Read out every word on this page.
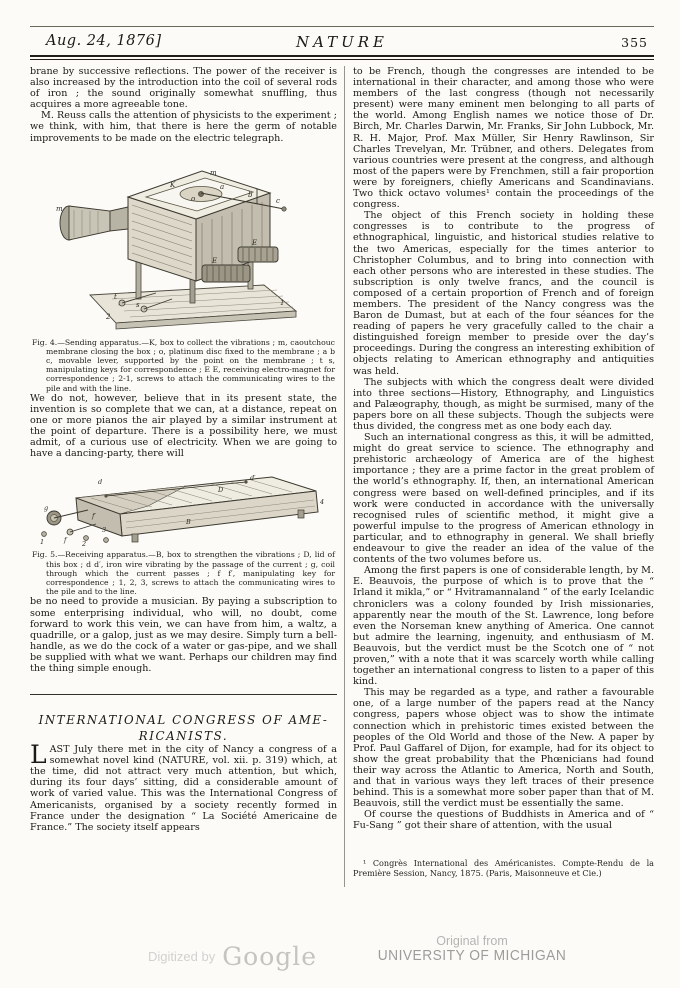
Aug. 24, 1876]	NATURE	355

brane by successive reflections. The power of the receiver is also increased by the introduction into the coil of several rods of iron ; the sound originally somewhat snuffling, thus acquires a more agreeable tone.

M. Reuss calls the attention of physicists to the experiment ; we think, with him, that there is here the germ of notable improvements to be made on the electric telegraph.

K
m
o
a
b
c
E
E
t
s
2
1
m

Fig. 4.—Sending apparatus.—K, box to collect the vibrations ; m, caoutchouc membrane closing the box ; o, platinum disc fixed to the membrane ; a b c, movable lever, supported by the point on the membrane ; t s, manipulating keys for correspondence ; E E, receiving electro-magnet for correspondence ; 2-1, screws to attach the communicating wires to the pile and with the line.

We do not, however, believe that in its present state, the invention is so complete that we can, at a distance, repeat on one or more pianos the air played by a similar instrument at the point of departure. There is a possibility here, we must admit, of a curious use of electricity. When we are going to have a dancing-party, there will

D
B
d	d′
g
f
f′
1	2
3
4

Fig. 5.—Receiving apparatus.—B, box to strengthen the vibrations ; D, lid of this box ; d d′, iron wire vibrating by the passage of the current ; g, coil through which the current passes ; f f′, manipulating key for correspondence ; 1, 2, 3, screws to attach the communicating wires to the pile and to the line.

be no need to provide a musician. By paying a subscription to some enterprising individual, who will, no doubt, come forward to work this vein, we can have from him, a waltz, a quadrille, or a galop, just as we may desire. Simply turn a bell-handle, as we do the cock of a water or gas-pipe, and we shall be supplied with what we want. Perhaps our children may find the thing simple enough.

INTERNATIONAL CONGRESS OF AME-
RICANISTS.

LAST July there met in the city of Nancy a congress of a somewhat novel kind (NATURE, vol. xii. p. 319) which, at the time, did not attract very much attention, but which, during its four days’ sitting, did a considerable amount of work of varied value. This was the International Congress of Americanists, organised by a society recently formed in France under the designation “ La Société Americaine de France.” The society itself appears

to be French, though the congresses are intended to be international in their character, and among those who were members of the last congress (though not necessarily present) were many eminent men belonging to all parts of the world. Among English names we notice those of Dr. Birch, Mr. Charles Darwin, Mr. Franks, Sir John Lubbock, Mr. R. H. Major, Prof. Max Müller, Sir Henry Rawlinson, Sir Charles Trevelyan, Mr. Trübner, and others. Delegates from various countries were present at the congress, and although most of the papers were by Frenchmen, still a fair proportion were by foreigners, chiefly Americans and Scandinavians. Two thick octavo volumes¹ contain the proceedings of the congress.

The object of this French society in holding these congresses is to contribute to the progress of ethnographical, linguistic, and historical studies relative to the two Americas, especially for the times anterior to Christopher Columbus, and to bring into connection with each other persons who are interested in these studies. The subscription is only twelve francs, and the council is composed of a certain proportion of French and of foreign members. The president of the Nancy congress was the Baron de Dumast, but at each of the four séances for the reading of papers he very gracefully called to the chair a distinguished foreign member to preside over the day’s proceedings. During the congress an interesting exhibition of objects relating to American ethnography and antiquities was held.

The subjects with which the congress dealt were divided into three sections—History, Ethnography, and Linguistics and Palæography, though, as might be surmised, many of the papers bore on all these subjects. Though the subjects were thus divided, the congress met as one body each day.

Such an international congress as this, it will be admitted, might do great service to science. The ethnography and prehistoric archæology of America are of the highest importance ; they are a prime factor in the great problem of the world’s ethnography. If, then, an international American congress were based on well-defined principles, and if its work were conducted in accordance with the universally recognised rules of scientific method, it might give a powerful impulse to the progress of American ethnology in particular, and to ethnography in general. We shall briefly endeavour to give the reader an idea of the value of the contents of the two volumes before us.

Among the first papers is one of considerable length, by M. E. Beauvois, the purpose of which is to prove that the “ Irland it mikla,” or “ Hvitramannaland ” of the early Icelandic chroniclers was a colony founded by Irish missionaries, apparently near the mouth of the St. Lawrence, long before even the Norseman knew anything of America. One cannot but admire the learning, ingenuity, and enthusiasm of M. Beauvois, but the verdict must be the Scotch one of “ not proven,” with a note that it was scarcely worth while calling together an international congress to listen to a paper of this kind.

This may be regarded as a type, and rather a favourable one, of a large number of the papers read at the Nancy congress, papers whose object was to show the intimate connection which in prehistoric times existed between the peoples of the Old World and those of the New. A paper by Prof. Paul Gaffarel of Dijon, for example, had for its object to show the great probability that the Phœnicians had found their way across the Atlantic to America, North and South, and that in various ways they left traces of their presence behind. This is a somewhat more sober paper than that of M. Beauvois, still the verdict must be essentially the same.

Of course the questions of Buddhists in America and of “ Fu-Sang ” got their share of attention, with the usual

¹ Congrès International des Américanistes. Compte-Rendu de la Première Session, Nancy, 1875. (Paris, Maisonneuve et Cie.)

Digitized by Google
Original from
UNIVERSITY OF MICHIGAN
